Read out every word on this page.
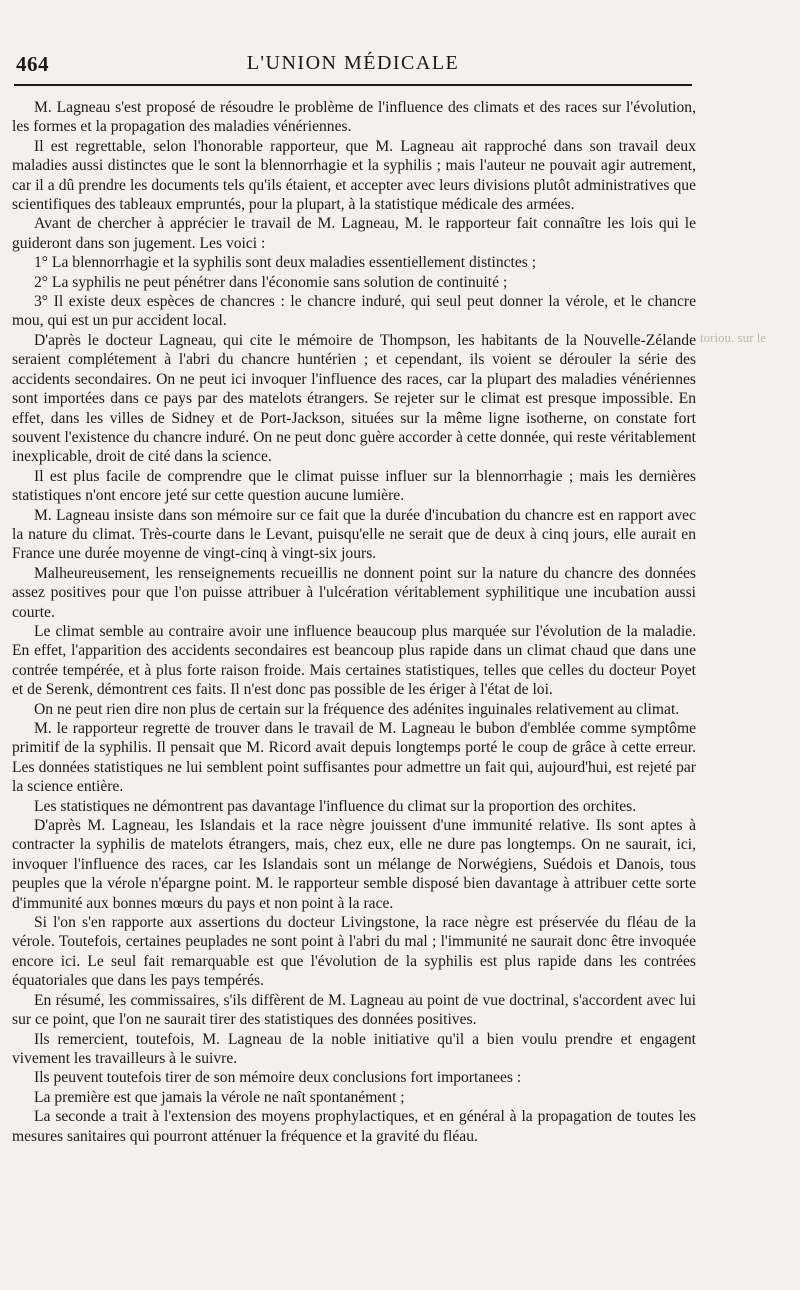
464	L'UNION MÉDICALE

M. Lagneau s'est proposé de résoudre le problème de l'influence des climats et des races sur l'évolution, les formes et la propagation des maladies vénériennes.

Il est regrettable, selon l'honorable rapporteur, que M. Lagneau ait rapproché dans son travail deux maladies aussi distinctes que le sont la blennorrhagie et la syphilis ; mais l'auteur ne pouvait agir autrement, car il a dû prendre les documents tels qu'ils étaient, et accepter avec leurs divisions plutôt administratives que scientifiques des tableaux empruntés, pour la plupart, à la statistique médicale des armées.

Avant de chercher à apprécier le travail de M. Lagneau, M. le rapporteur fait connaître les lois qui le guideront dans son jugement. Les voici :

1° La blennorrhagie et la syphilis sont deux maladies essentiellement distinctes ;

2° La syphilis ne peut pénétrer dans l'économie sans solution de continuité ;

3° Il existe deux espèces de chancres : le chancre induré, qui seul peut donner la vérole, et le chancre mou, qui est un pur accident local.

D'après le docteur Lagneau, qui cite le mémoire de Thompson, les habitants de la Nouvelle-Zélande seraient complétement à l'abri du chancre huntérien ; et cependant, ils voient se dérouler la série des accidents secondaires. On ne peut ici invoquer l'influence des races, car la plupart des maladies vénériennes sont importées dans ce pays par des matelots étrangers. Se rejeter sur le climat est presque impossible. En effet, dans les villes de Sidney et de Port-Jackson, situées sur la même ligne isotherne, on constate fort souvent l'existence du chancre induré. On ne peut donc guère accorder à cette donnée, qui reste véritablement inexplicable, droit de cité dans la science.

Il est plus facile de comprendre que le climat puisse influer sur la blennorrhagie ; mais les dernières statistiques n'ont encore jeté sur cette question aucune lumière.

M. Lagneau insiste dans son mémoire sur ce fait que la durée d'incubation du chancre est en rapport avec la nature du climat. Très-courte dans le Levant, puisqu'elle ne serait que de deux à cinq jours, elle aurait en France une durée moyenne de vingt-cinq à vingt-six jours.

Malheureusement, les renseignements recueillis ne donnent point sur la nature du chancre des données assez positives pour que l'on puisse attribuer à l'ulcération véritablement syphilitique une incubation aussi courte.

Le climat semble au contraire avoir une influence beaucoup plus marquée sur l'évolution de la maladie. En effet, l'apparition des accidents secondaires est beancoup plus rapide dans un climat chaud que dans une contrée tempérée, et à plus forte raison froide. Mais certaines statistiques, telles que celles du docteur Poyet et de Serenk, démontrent ces faits. Il n'est donc pas possible de les ériger à l'état de loi.

On ne peut rien dire non plus de certain sur la fréquence des adénites inguinales relativement au climat.

M. le rapporteur regrette de trouver dans le travail de M. Lagneau le bubon d'emblée comme symptôme primitif de la syphilis. Il pensait que M. Ricord avait depuis longtemps porté le coup de grâce à cette erreur. Les données statistiques ne lui semblent point suffisantes pour admettre un fait qui, aujourd'hui, est rejeté par la science entière.

Les statistiques ne démontrent pas davantage l'influence du climat sur la proportion des orchites.

D'après M. Lagneau, les Islandais et la race nègre jouissent d'une immunité relative. Ils sont aptes à contracter la syphilis de matelots étrangers, mais, chez eux, elle ne dure pas longtemps. On ne saurait, ici, invoquer l'influence des races, car les Islandais sont un mélange de Norwégiens, Suédois et Danois, tous peuples que la vérole n'épargne point. M. le rapporteur semble disposé bien davantage à attribuer cette sorte d'immunité aux bonnes mœurs du pays et non point à la race.

Si l'on s'en rapporte aux assertions du docteur Livingstone, la race nègre est préservée du fléau de la vérole. Toutefois, certaines peuplades ne sont point à l'abri du mal ; l'immunité ne saurait donc être invoquée encore ici. Le seul fait remarquable est que l'évolution de la syphilis est plus rapide dans les contrées équatoriales que dans les pays tempérés.

En résumé, les commissaires, s'ils diffèrent de M. Lagneau au point de vue doctrinal, s'accordent avec lui sur ce point, que l'on ne saurait tirer des statistiques des données positives.

Ils remercient, toutefois, M. Lagneau de la noble initiative qu'il a bien voulu prendre et engagent vivement les travailleurs à le suivre.

Ils peuvent toutefois tirer de son mémoire deux conclusions fort importanees :

La première est que jamais la vérole ne naît spontanément ;

La seconde a trait à l'extension des moyens prophylactiques, et en général à la propagation de toutes les mesures sanitaires qui pourront atténuer la fréquence et la gravité du fléau.

toriou. sur le
